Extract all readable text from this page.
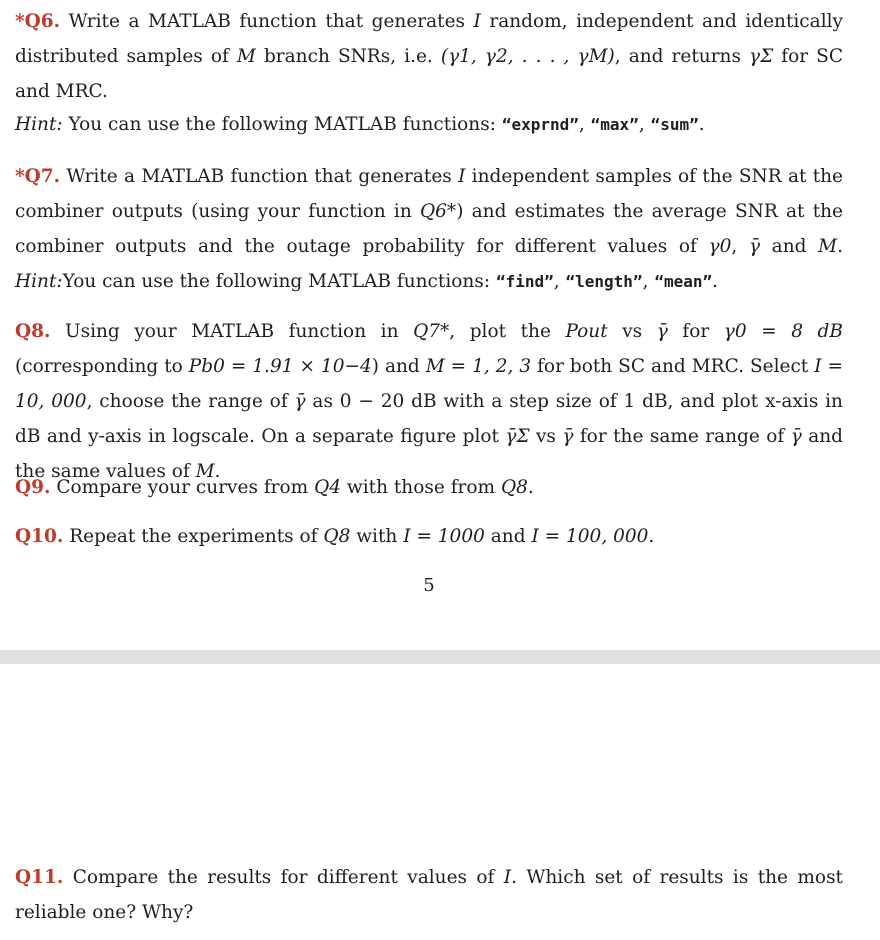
*Q6. Write a MATLAB function that generates I random, independent and identically distributed samples of M branch SNRs, i.e. (γ1, γ2, . . . , γM), and returns γΣ for SC and MRC.
Hint: You can use the following MATLAB functions: “exprnd”, “max”, “sum”.
*Q7. Write a MATLAB function that generates I independent samples of the SNR at the combiner outputs (using your function in Q6*) and estimates the average SNR at the combiner outputs and the outage probability for different values of γ0, γ̄ and M. Hint:You can use the following MATLAB functions: “find”, “length”, “mean”.
Q8. Using your MATLAB function in Q7*, plot the Pout vs γ̄ for γ0 = 8 dB (corresponding to Pb0 = 1.91 × 10−4) and M = 1, 2, 3 for both SC and MRC. Select I = 10, 000, choose the range of γ̄ as 0 − 20 dB with a step size of 1 dB, and plot x-axis in dB and y-axis in logscale. On a separate figure plot γ̄Σ vs γ̄ for the same range of γ̄ and the same values of M.
Q9. Compare your curves from Q4 with those from Q8.
Q10. Repeat the experiments of Q8 with I = 1000 and I = 100, 000.
5
Q11. Compare the results for different values of I. Which set of results is the most reliable one? Why?
